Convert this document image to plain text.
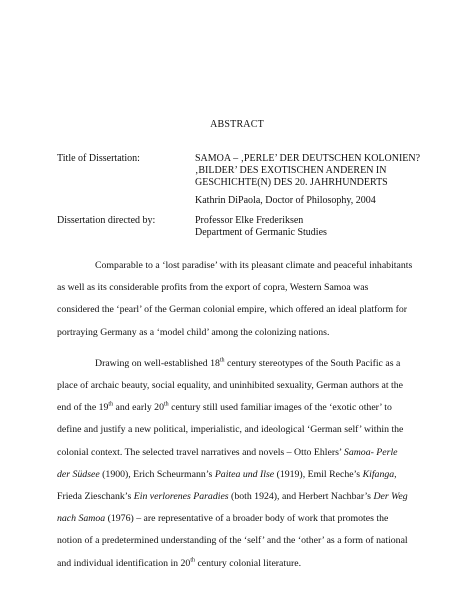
ABSTRACT
Title of Dissertation:	SAMOA – ‚PERLE’ DER DEUTSCHEN KOLONIEN?
‚BILDER’ DES EXOTISCHEN ANDEREN IN
GESCHICHTE(N) DES 20. JAHRHUNDERTS
Kathrin DiPaola, Doctor of Philosophy, 2004
Dissertation directed by:	Professor Elke Frederiksen
Department of Germanic Studies
Comparable to a ‘lost paradise’ with its pleasant climate and peaceful inhabitants
as well as its considerable profits from the export of copra, Western Samoa was
considered the ‘pearl’ of the German colonial empire, which offered an ideal platform for
portraying Germany as a ‘model child’ among the colonizing nations.
Drawing on well-established 18th century stereotypes of the South Pacific as a
place of archaic beauty, social equality, and uninhibited sexuality, German authors at the
end of the 19th and early 20th century still used familiar images of the ‘exotic other’ to
define and justify a new political, imperialistic, and ideological ‘German self’ within the
colonial context. The selected travel narratives and novels – Otto Ehlers’ Samoa- Perle
der Südsee (1900), Erich Scheurmann’s Paitea und Ilse (1919), Emil Reche’s Kifanga,
Frieda Zieschank’s Ein verlorenes Paradies (both 1924), and Herbert Nachbar’s Der Weg
nach Samoa (1976) – are representative of a broader body of work that promotes the
notion of a predetermined understanding of the ‘self’ and the ‘other’ as a form of national
and individual identification in 20th century colonial literature.
